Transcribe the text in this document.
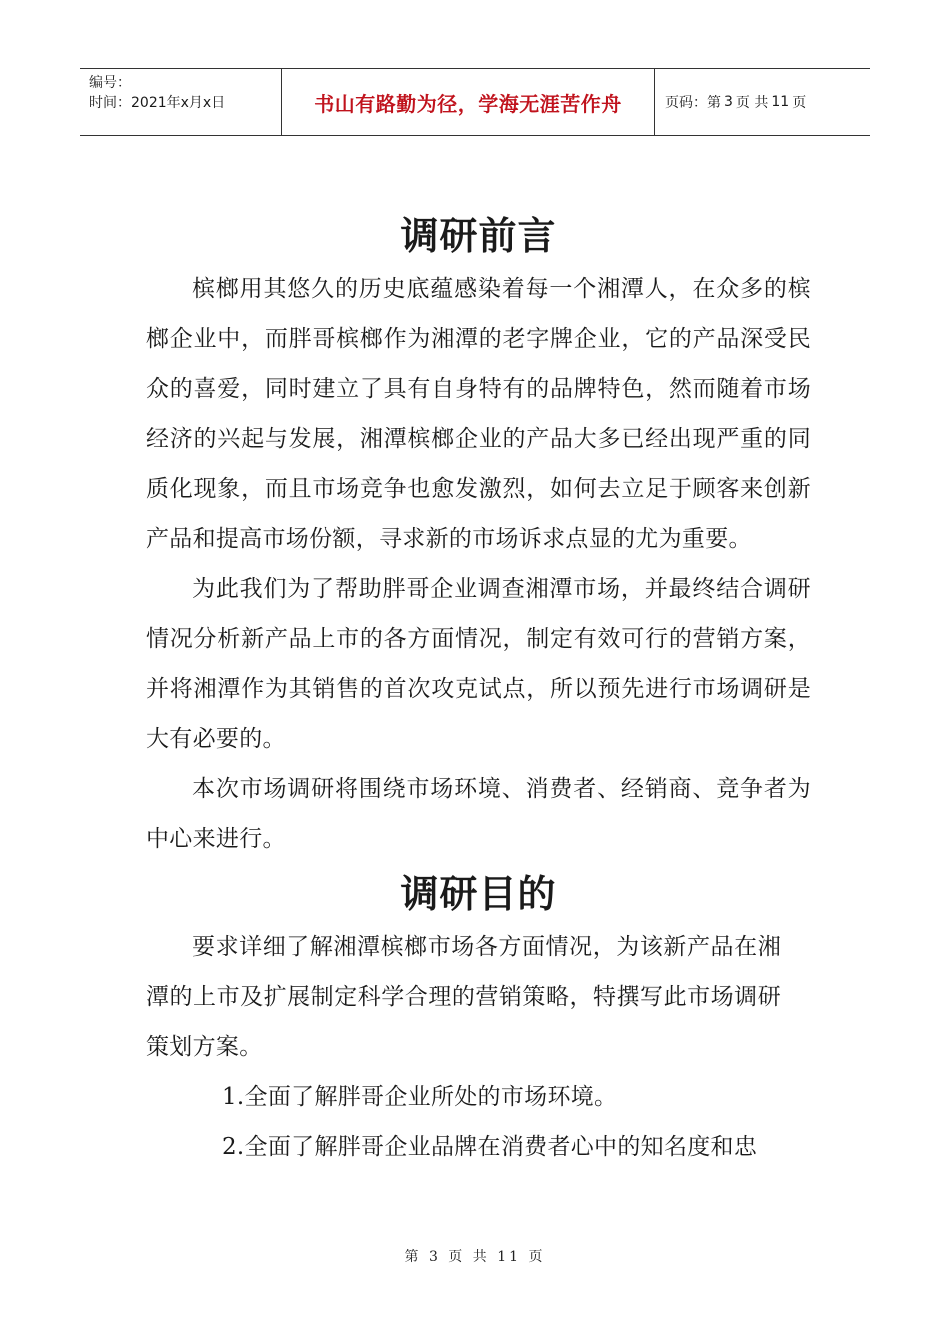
编号：
时间：2021年x月x日	书山有路勤为径，学海无涯苦作舟	页码：第 3 页 共 11 页
调研前言

槟榔用其悠久的历史底蕴感染着每一个湘潭人，在众多的槟榔企业中，而胖哥槟榔作为湘潭的老字牌企业，它的产品深受民众的喜爱，同时建立了具有自身特有的品牌特色，然而随着市场经济的兴起与发展，湘潭槟榔企业的产品大多已经出现严重的同质化现象，而且市场竞争也愈发激烈，如何去立足于顾客来创新产品和提高市场份额，寻求新的市场诉求点显的尤为重要。

为此我们为了帮助胖哥企业调查湘潭市场，并最终结合调研情况分析新产品上市的各方面情况，制定有效可行的营销方案，并将湘潭作为其销售的首次攻克试点，所以预先进行市场调研是大有必要的。

本次市场调研将围绕市场环境、消费者、经销商、竞争者为中心来进行。

调研目的

要求详细了解湘潭槟榔市场各方面情况，为该新产品在湘潭的上市及扩展制定科学合理的营销策略，特撰写此市场调研策划方案。

1.全面了解胖哥企业所处的市场环境。

2.全面了解胖哥企业品牌在消费者心中的知名度和忠

第 3 页 共 11 页
